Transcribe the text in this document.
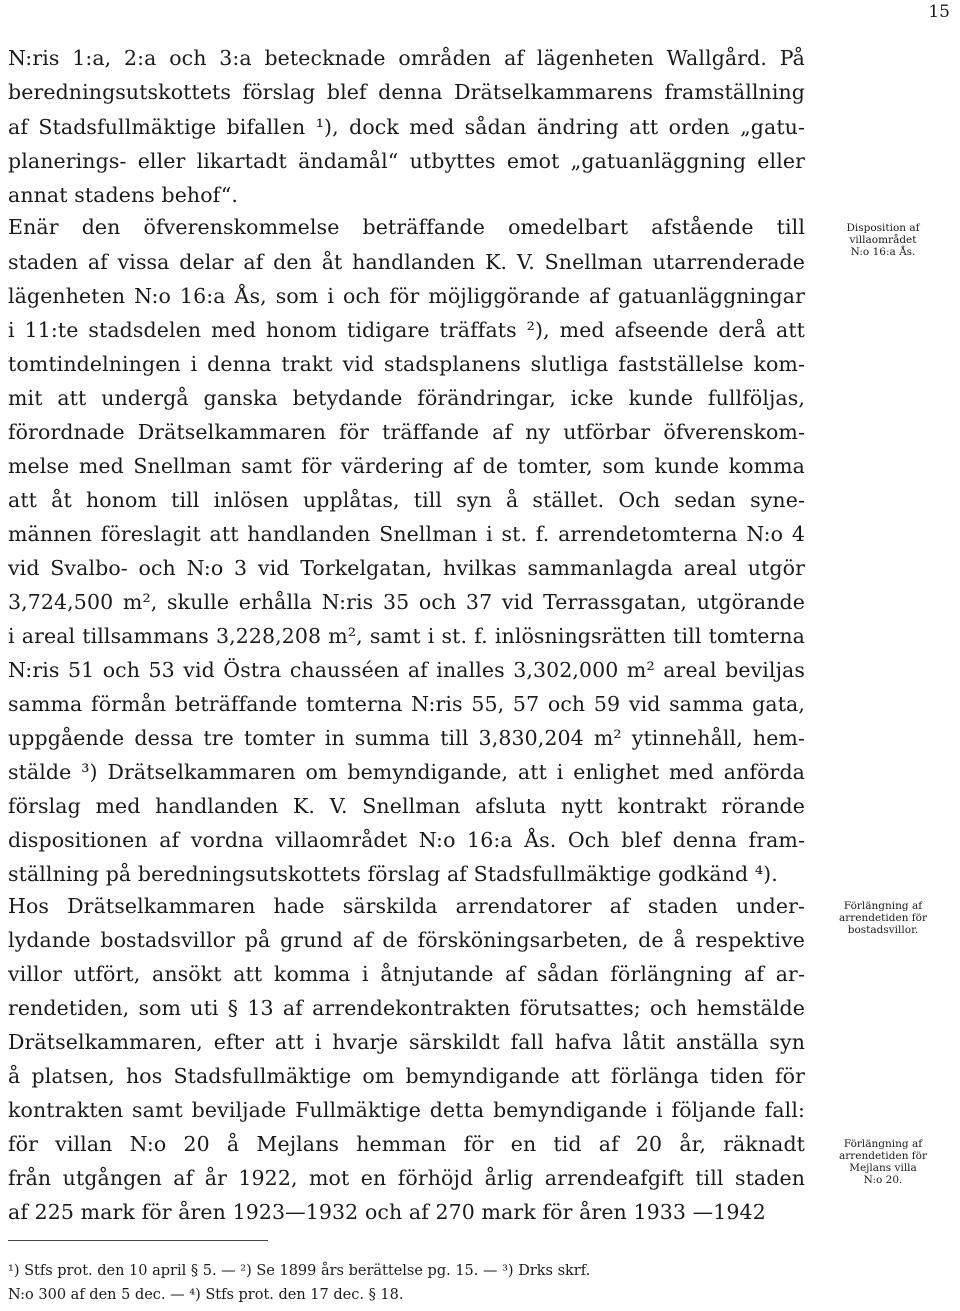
15
N:ris 1:a, 2:a och 3:a betecknade områden af lägenheten Wallgård. På
beredningsutskottets förslag blef denna Drätselkammarens framställning
af Stadsfullmäktige bifallen ¹), dock med sådan ändring att orden „gatu-
planerings- eller likartadt ändamål“ utbyttes emot „gatuanläggning eller
annat stadens behof“.
Enär den öfverenskommelse beträffande omedelbart afstående till
staden af vissa delar af den åt handlanden K. V. Snellman utarrenderade
lägenheten N:o 16:a Ås, som i och för möjliggörande af gatuanläggningar
i 11:te stadsdelen med honom tidigare träffats ²), med afseende derå att
tomtindelningen i denna trakt vid stadsplanens slutliga fastställelse kom-
mit att undergå ganska betydande förändringar, icke kunde fullföljas,
förordnade Drätselkammaren för träffande af ny utförbar öfverenskom-
melse med Snellman samt för värdering af de tomter, som kunde komma
att åt honom till inlösen upplåtas, till syn å stället. Och sedan syne-
männen föreslagit att handlanden Snellman i st. f. arrendetomterna N:o 4
vid Svalbo- och N:o 3 vid Torkelgatan, hvilkas sammanlagda areal utgör
3,724,500 m², skulle erhålla N:ris 35 och 37 vid Terrassgatan, utgörande
i areal tillsammans 3,228,208 m², samt i st. f. inlösningsrätten till tomterna
N:ris 51 och 53 vid Östra chausséen af inalles 3,302,000 m² areal beviljas
samma förmån beträffande tomterna N:ris 55, 57 och 59 vid samma gata,
uppgående dessa tre tomter in summa till 3,830,204 m² ytinnehåll, hem-
stälde ³) Drätselkammaren om bemyndigande, att i enlighet med anförda
förslag med handlanden K. V. Snellman afsluta nytt kontrakt rörande
dispositionen af vordna villaområdet N:o 16:a Ås. Och blef denna fram-
ställning på beredningsutskottets förslag af Stadsfullmäktige godkänd ⁴).
Hos Drätselkammaren hade särskilda arrendatorer af staden under-
lydande bostadsvillor på grund af de försköningsarbeten, de å respektive
villor utfört, ansökt att komma i åtnjutande af sådan förlängning af ar-
rendetiden, som uti § 13 af arrendekontrakten förutsattes; och hemstälde
Drätselkammaren, efter att i hvarje särskildt fall hafva låtit anställa syn
å platsen, hos Stadsfullmäktige om bemyndigande att förlänga tiden för
kontrakten samt beviljade Fullmäktige detta bemyndigande i följande fall:
för villan N:o 20 å Mejlans hemman för en tid af 20 år, räknadt
från utgången af år 1922, mot en förhöjd årlig arrendeafgift till staden
af 225 mark för åren 1923—1932 och af 270 mark för åren 1933 —1942
Disposition af
villaområdet
N:o 16:a Ås.
Förlängning af
arrendetiden för
bostadsvillor.
Förlängning af
arrendetiden för
Mejlans villa
N:o 20.
¹) Stfs prot. den 10 april § 5. — ²) Se 1899 års berättelse pg. 15. — ³) Drks skrf.
N:o 300 af den 5 dec. — ⁴) Stfs prot. den 17 dec. § 18.
